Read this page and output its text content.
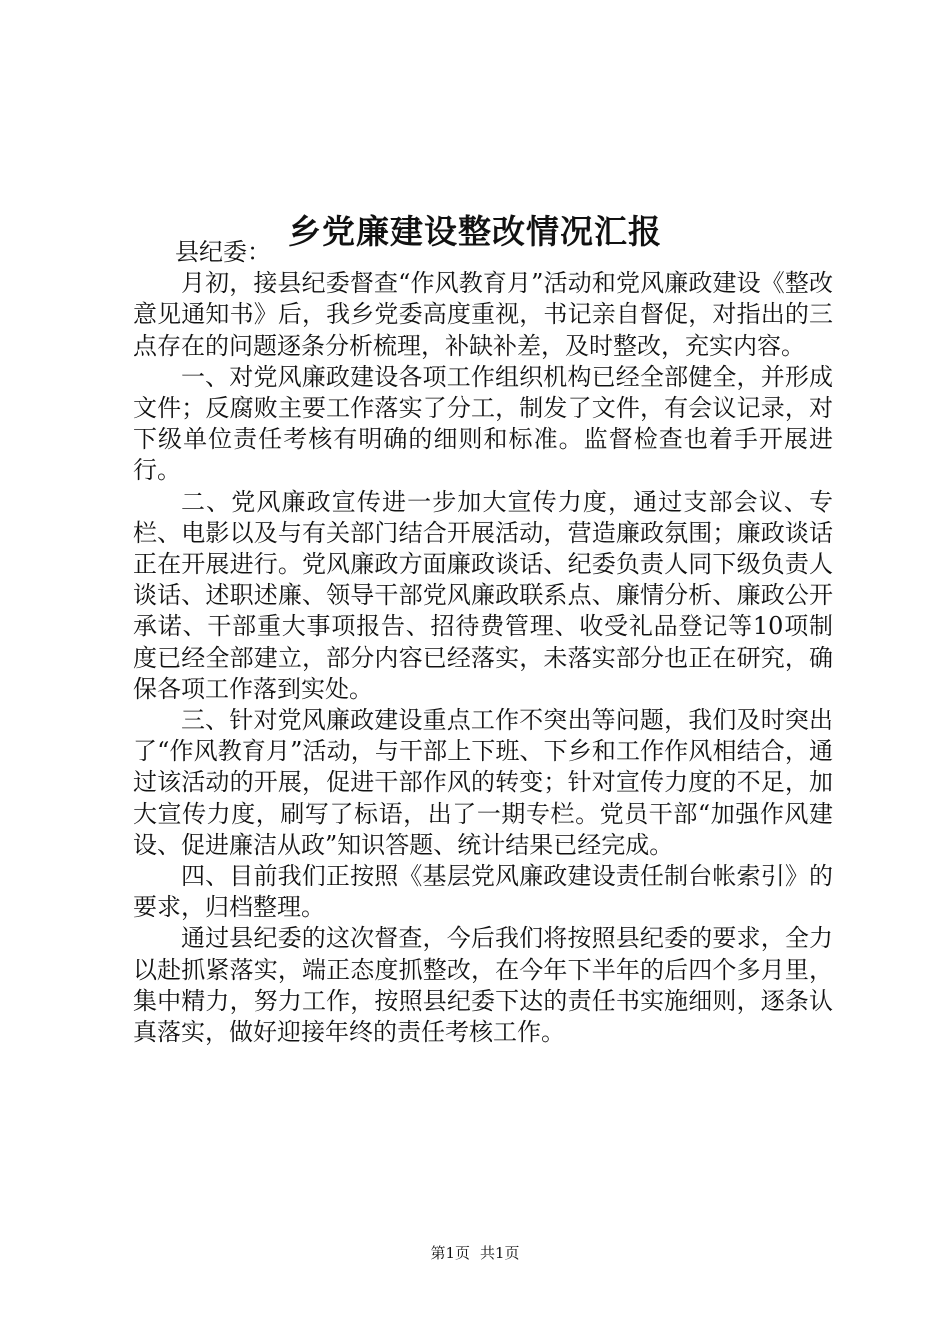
乡党廉建设整改情况汇报

县纪委：

月初，接县纪委督查“作风教育月”活动和党风廉政建设《整改意见通知书》后，我乡党委高度重视，书记亲自督促，对指出的三点存在的问题逐条分析梳理，补缺补差，及时整改，充实内容。

一、对党风廉政建设各项工作组织机构已经全部健全，并形成文件；反腐败主要工作落实了分工，制发了文件，有会议记录，对下级单位责任考核有明确的细则和标准。监督检查也着手开展进行。

二、党风廉政宣传进一步加大宣传力度，通过支部会议、专栏、电影以及与有关部门结合开展活动，营造廉政氛围；廉政谈话正在开展进行。党风廉政方面廉政谈话、纪委负责人同下级负责人谈话、述职述廉、领导干部党风廉政联系点、廉情分析、廉政公开承诺、干部重大事项报告、招待费管理、收受礼品登记等10项制度已经全部建立，部分内容已经落实，未落实部分也正在研究，确保各项工作落到实处。

三、针对党风廉政建设重点工作不突出等问题，我们及时突出了“作风教育月”活动，与干部上下班、下乡和工作作风相结合，通过该活动的开展，促进干部作风的转变；针对宣传力度的不足，加大宣传力度，刷写了标语，出了一期专栏。党员干部“加强作风建设、促进廉洁从政”知识答题、统计结果已经完成。

四、目前我们正按照《基层党风廉政建设责任制台帐索引》的要求，归档整理。

通过县纪委的这次督查，今后我们将按照县纪委的要求，全力以赴抓紧落实，端正态度抓整改，在今年下半年的后四个多月里，集中精力，努力工作，按照县纪委下达的责任书实施细则，逐条认真落实，做好迎接年终的责任考核工作。

第1页 共1页
